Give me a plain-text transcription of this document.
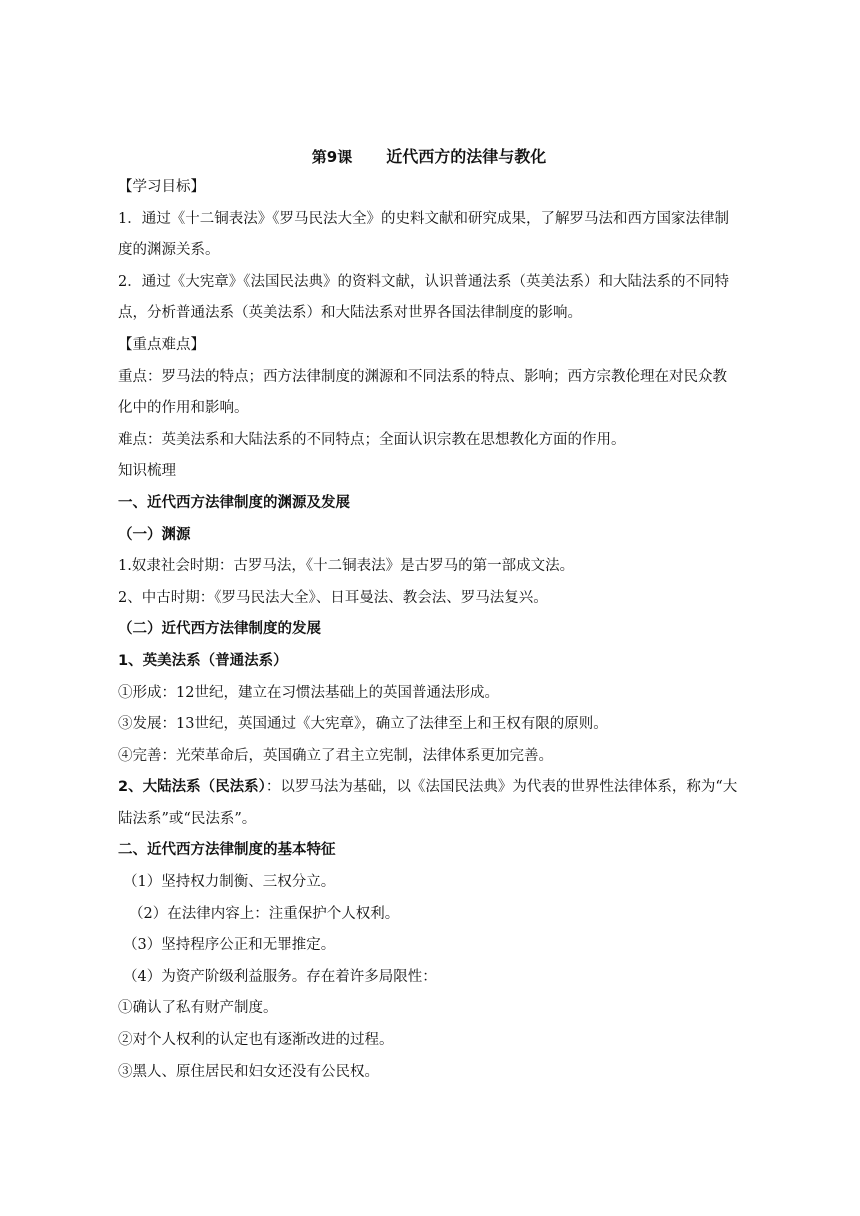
第9课 近代西方的法律与教化

【学习目标】

1．通过《十二铜表法》《罗马民法大全》的史料文献和研究成果，了解罗马法和西方国家法律制度的渊源关系。

2．通过《大宪章》《法国民法典》的资料文献，认识普通法系（英美法系）和大陆法系的不同特点，分析普通法系（英美法系）和大陆法系对世界各国法律制度的影响。

【重点难点】

重点：罗马法的特点；西方法律制度的渊源和不同法系的特点、影响；西方宗教伦理在对民众教化中的作用和影响。

难点：英美法系和大陆法系的不同特点；全面认识宗教在思想教化方面的作用。

知识梳理

一、近代西方法律制度的渊源及发展

（一）渊源

1.奴隶社会时期：古罗马法，《十二铜表法》是古罗马的第一部成文法。

2、中古时期：《罗马民法大全》、日耳曼法、教会法、罗马法复兴。

（二）近代西方法律制度的发展

1、英美法系（普通法系）

①形成：12世纪，建立在习惯法基础上的英国普通法形成。

③发展：13世纪，英国通过《大宪章》，确立了法律至上和王权有限的原则。

④完善：光荣革命后，英国确立了君主立宪制，法律体系更加完善。

2、大陆法系（民法系）：以罗马法为基础，以《法国民法典》为代表的世界性法律体系，称为“大陆法系”或“民法系”。

二、近代西方法律制度的基本特征

（1）坚持权力制衡、三权分立。

（2）在法律内容上：注重保护个人权利。

（3）坚持程序公正和无罪推定。

（4）为资产阶级利益服务。存在着许多局限性：

①确认了私有财产制度。

②对个人权利的认定也有逐渐改进的过程。

③黑人、原住居民和妇女还没有公民权。
